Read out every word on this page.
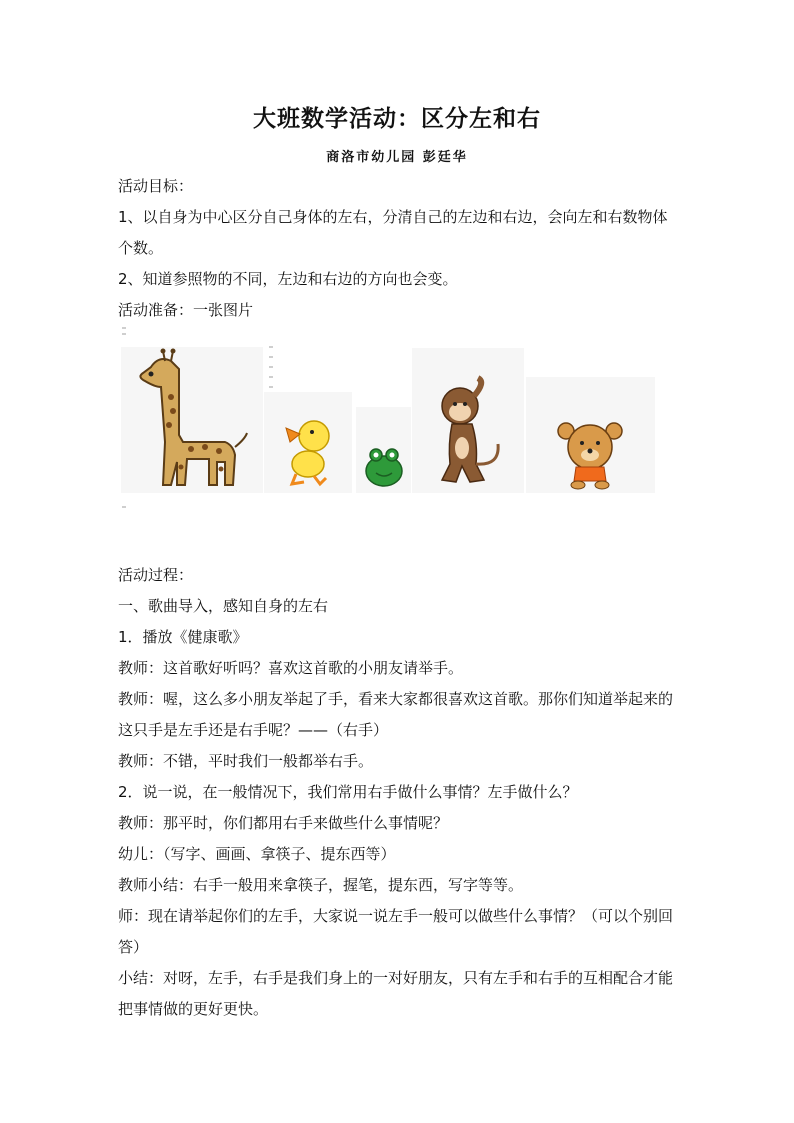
大班数学活动：区分左和右
商洛市幼儿园 彭廷华
活动目标：
1、以自身为中心区分自己身体的左右，分清自己的左边和右边，会向左和右数物体个数。
2、知道参照物的不同，左边和右边的方向也会变。
活动准备：一张图片
活动过程：
一、歌曲导入，感知自身的左右
1．播放《健康歌》
教师：这首歌好听吗？喜欢这首歌的小朋友请举手。
教师：喔，这么多小朋友举起了手，看来大家都很喜欢这首歌。那你们知道举起来的这只手是左手还是右手呢？——（右手）
教师：不错，平时我们一般都举右手。
2．说一说，在一般情况下，我们常用右手做什么事情？左手做什么？
教师：那平时，你们都用右手来做些什么事情呢？
幼儿：（写字、画画、拿筷子、提东西等）
教师小结：右手一般用来拿筷子，握笔，提东西，写字等等。
师：现在请举起你们的左手，大家说一说左手一般可以做些什么事情？（可以个别回答）
小结：对呀，左手，右手是我们身上的一对好朋友，只有左手和右手的互相配合才能把事情做的更好更快。
